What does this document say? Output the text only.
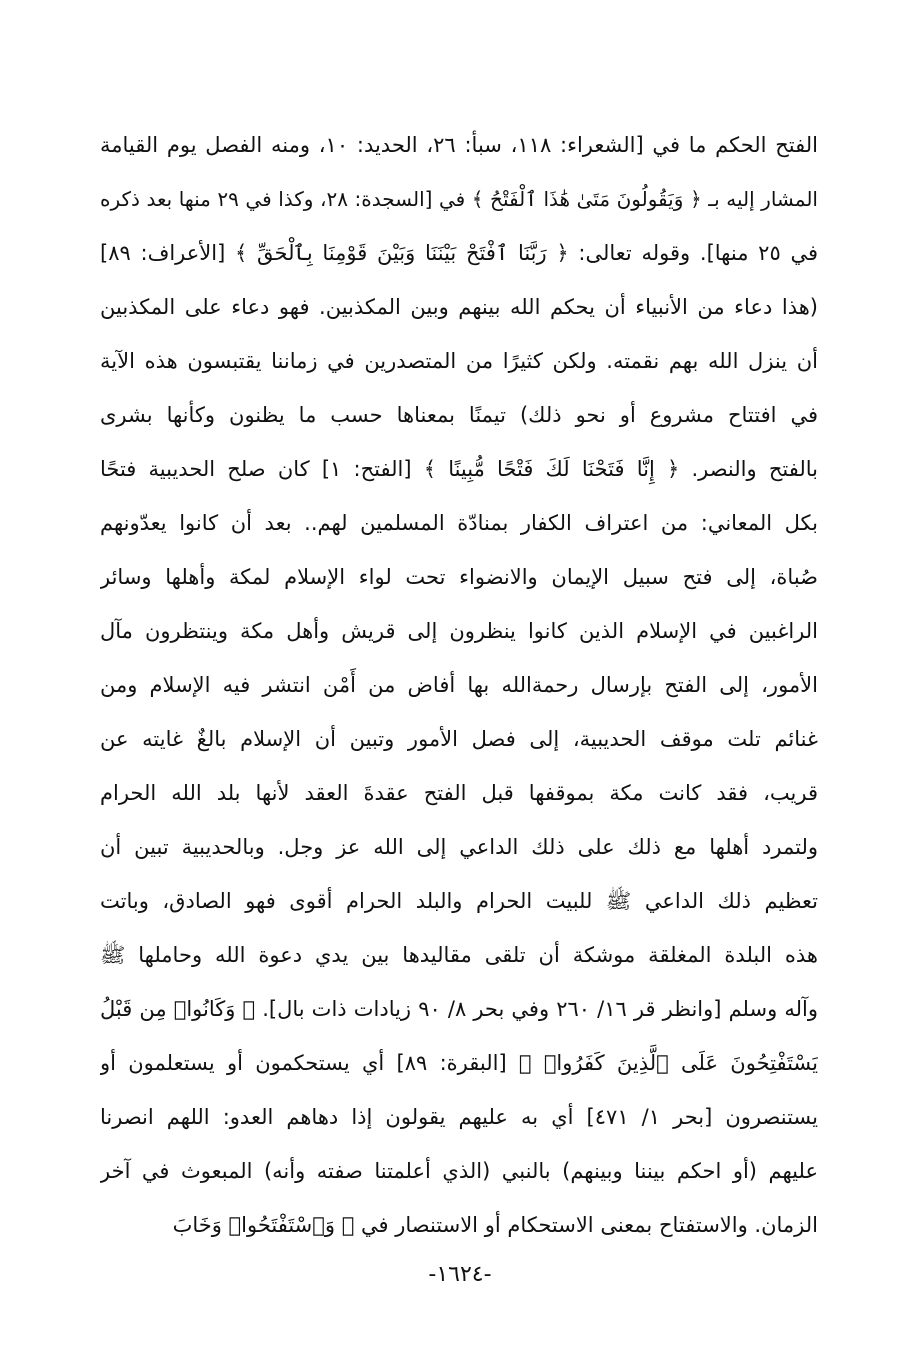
الفتح الحكم ما في [الشعراء: ١١٨، سبأ: ٢٦، الحديد: ١٠، ومنه الفصل يوم القيامة
المشار إليه بـ ﴿ وَيَقُولُونَ مَتَىٰ هَٰذَا ٱلْفَتْحُ ﴾ في [السجدة: ٢٨، وكذا في ٢٩ منها بعد ذكره
في ٢٥ منها]. وقوله تعالى: ﴿ رَبَّنَا ٱفْتَحْ بَيْنَنَا وَبَيْنَ قَوْمِنَا بِٱلْحَقِّ ﴾ [الأعراف: ٨٩]
(هذا دعاء من الأنبياء أن يحكم الله بينهم وبين المكذبين. فهو دعاء على المكذبين
أن ينزل الله بهم نقمته. ولكن كثيرًا من المتصدرين في زماننا يقتبسون هذه الآية
في افتتاح مشروع أو نحو ذلك) تيمنًا بمعناها حسب ما يظنون وكأنها بشرى
بالفتح والنصر. ﴿ إِنَّا فَتَحْنَا لَكَ فَتْحًا مُّبِينًا ﴾ [الفتح: ١] كان صلح الحديبية فتحًا
بكل المعاني: من اعتراف الكفار بمنادّة المسلمين لهم.. بعد أن كانوا يعدّونهم
صُباة، إلى فتح سبيل الإيمان والانضواء تحت لواء الإسلام لمكة وأهلها وسائر
الراغبين في الإسلام الذين كانوا ينظرون إلى قريش وأهل مكة وينتظرون مآل
الأمور، إلى الفتح بإرسال رحمةالله بها أفاض من أَمْن انتشر فيه الإسلام ومن
غنائم تلت موقف الحديبية، إلى فصل الأمور وتبين أن الإسلام بالغٌ غايته عن
قريب، فقد كانت مكة بموقفها قبل الفتح عقدةَ العقد لأنها بلد الله الحرام
ولتمرد أهلها مع ذلك على ذلك الداعي إلى الله عز وجل. وبالحديبية تبين أن
تعظيم ذلك الداعي ﷺ للبيت الحرام والبلد الحرام أقوى فهو الصادق، وباتت
هذه البلدة المغلقة موشكة أن تلقى مقاليدها بين يدي دعوة الله وحاملها ﷺ
وآله وسلم [وانظر قر ١٦/ ٢٦٠ وفي بحر ٨/ ٩٠ زيادات ذات بال]. ﴿ وَكَانُوا۟ مِن قَبْلُ
يَسْتَفْتِحُونَ عَلَى ٱلَّذِينَ كَفَرُوا۟ ﴾ [البقرة: ٨٩] أي يستحكمون أو يستعلمون أو
يستنصرون [بحر ١/ ٤٧١] أي به عليهم يقولون إذا دهاهم العدو: اللهم انصرنا
عليهم (أو احكم بيننا وبينهم) بالنبي (الذي أعلمتنا صفته وأنه) المبعوث في آخر
الزمان. والاستفتاح بمعنى الاستحكام أو الاستنصار في ﴿ وَٱسْتَفْتَحُوا۟ وَخَابَ
-١٦٢٤-
